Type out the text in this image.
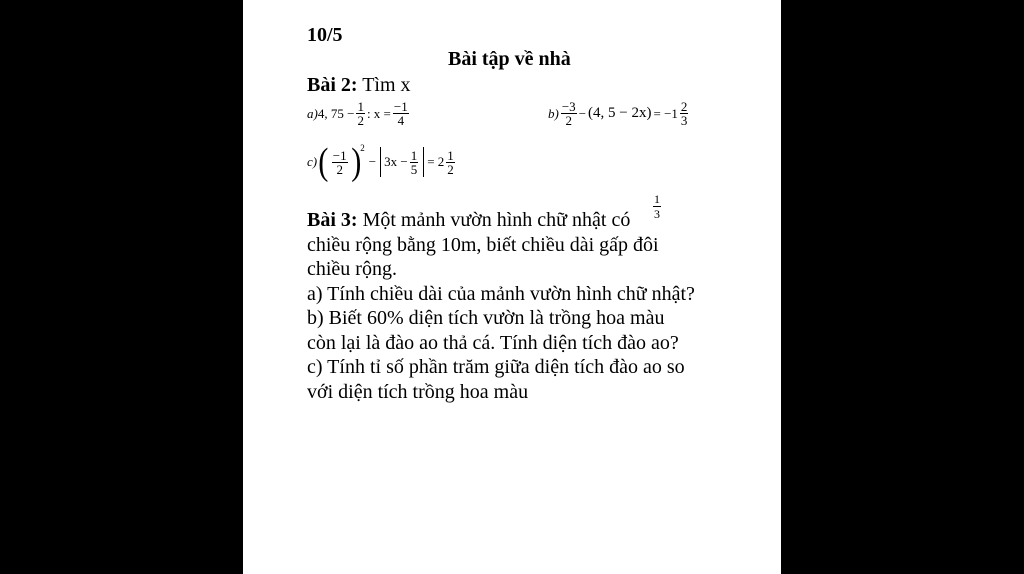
10/5
Bài tập về nhà
Bài 2: Tìm x
a) 4, $75 - \frac{1}{2}$ : $x = \frac{-1}{4}$	$b) \frac{-3}{2} - (4$, $5 - 2x) = -1 \frac{2}{3}$
c) ( $\frac{-1}{2}$ ) 2
− $3x - \frac{1}{5} = 2 \frac{1}{2}$
$\frac{1}{3}$
Bài 3: Một mảnh vườn hình chữ nhật có
chiều rộng bằng 10m, biết chiều dài gấp đôi
chiều rộng.
a) Tính chiều dài của mảnh vườn hình chữ nhật?
b) Biết 60% diện tích vườn là trồng hoa màu
còn lại là đào ao thả cá. Tính diện tích đào ao?
c) Tính tỉ số phần trăm giữa diện tích đào ao so
với diện tích trồng hoa màu
